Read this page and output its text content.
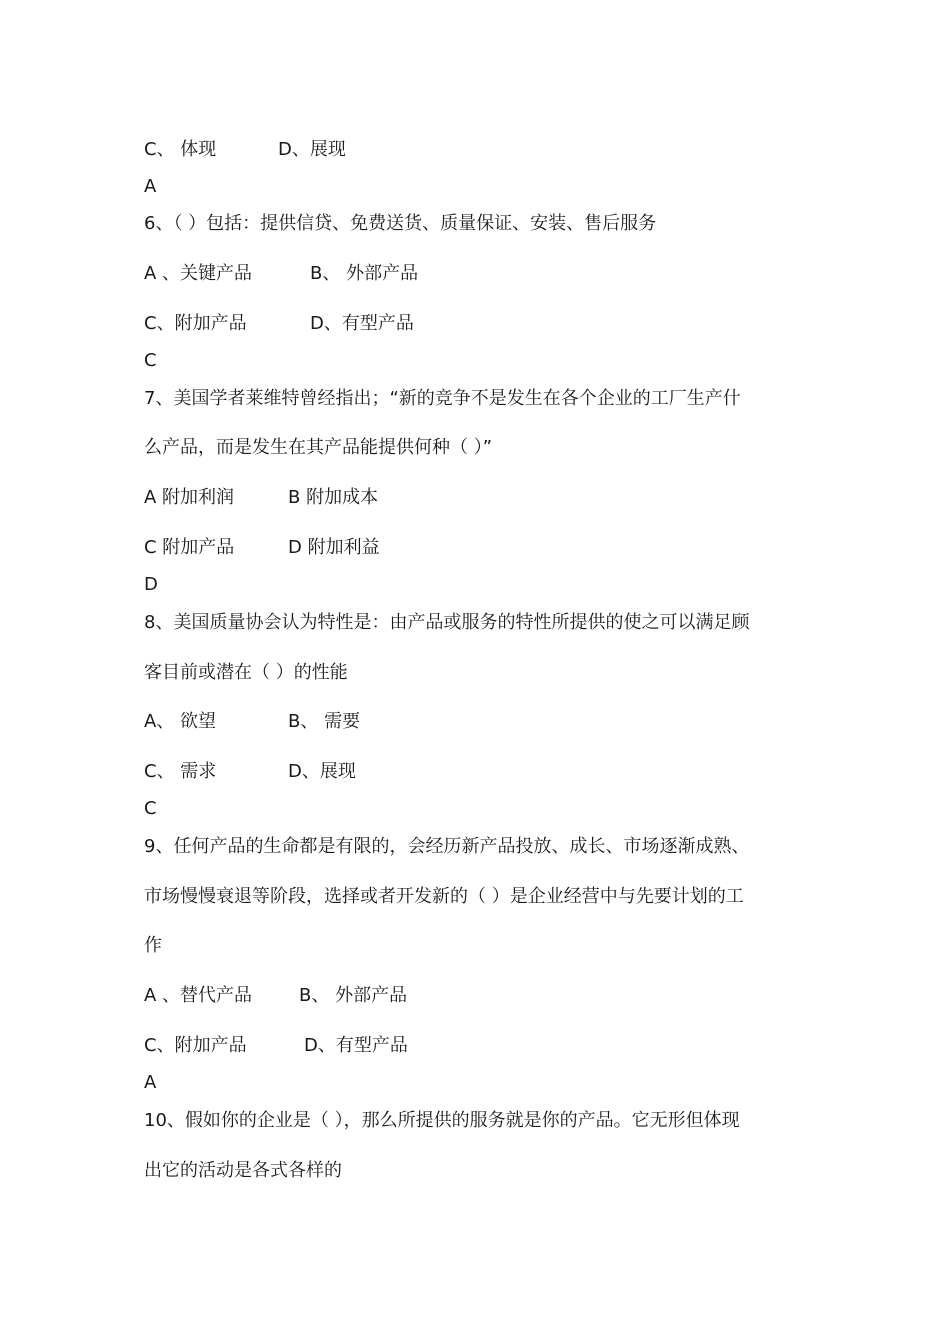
C、 体现	D、展现
A
6、（ ）包括：提供信贷、免费送货、质量保证、安装、售后服务
A 、关键产品	B、 外部产品
C、附加产品	D、有型产品
C
7、美国学者莱维特曾经指出；“新的竞争不是发生在各个企业的工厂生产什
么产品，而是发生在其产品能提供何种（ ）”
A 附加利润	B 附加成本
C 附加产品	D 附加利益
D
8、美国质量协会认为特性是：由产品或服务的特性所提供的使之可以满足顾
客目前或潜在（ ）的性能
A、 欲望	B、 需要
C、 需求	D、展现
C
9、任何产品的生命都是有限的，会经历新产品投放、成长、市场逐渐成熟、
市场慢慢衰退等阶段，选择或者开发新的（ ）是企业经营中与先要计划的工
作
A 、替代产品	B、 外部产品
C、附加产品	D、有型产品
A
10、假如你的企业是（ ），那么所提供的服务就是你的产品。它无形但体现
出它的活动是各式各样的
